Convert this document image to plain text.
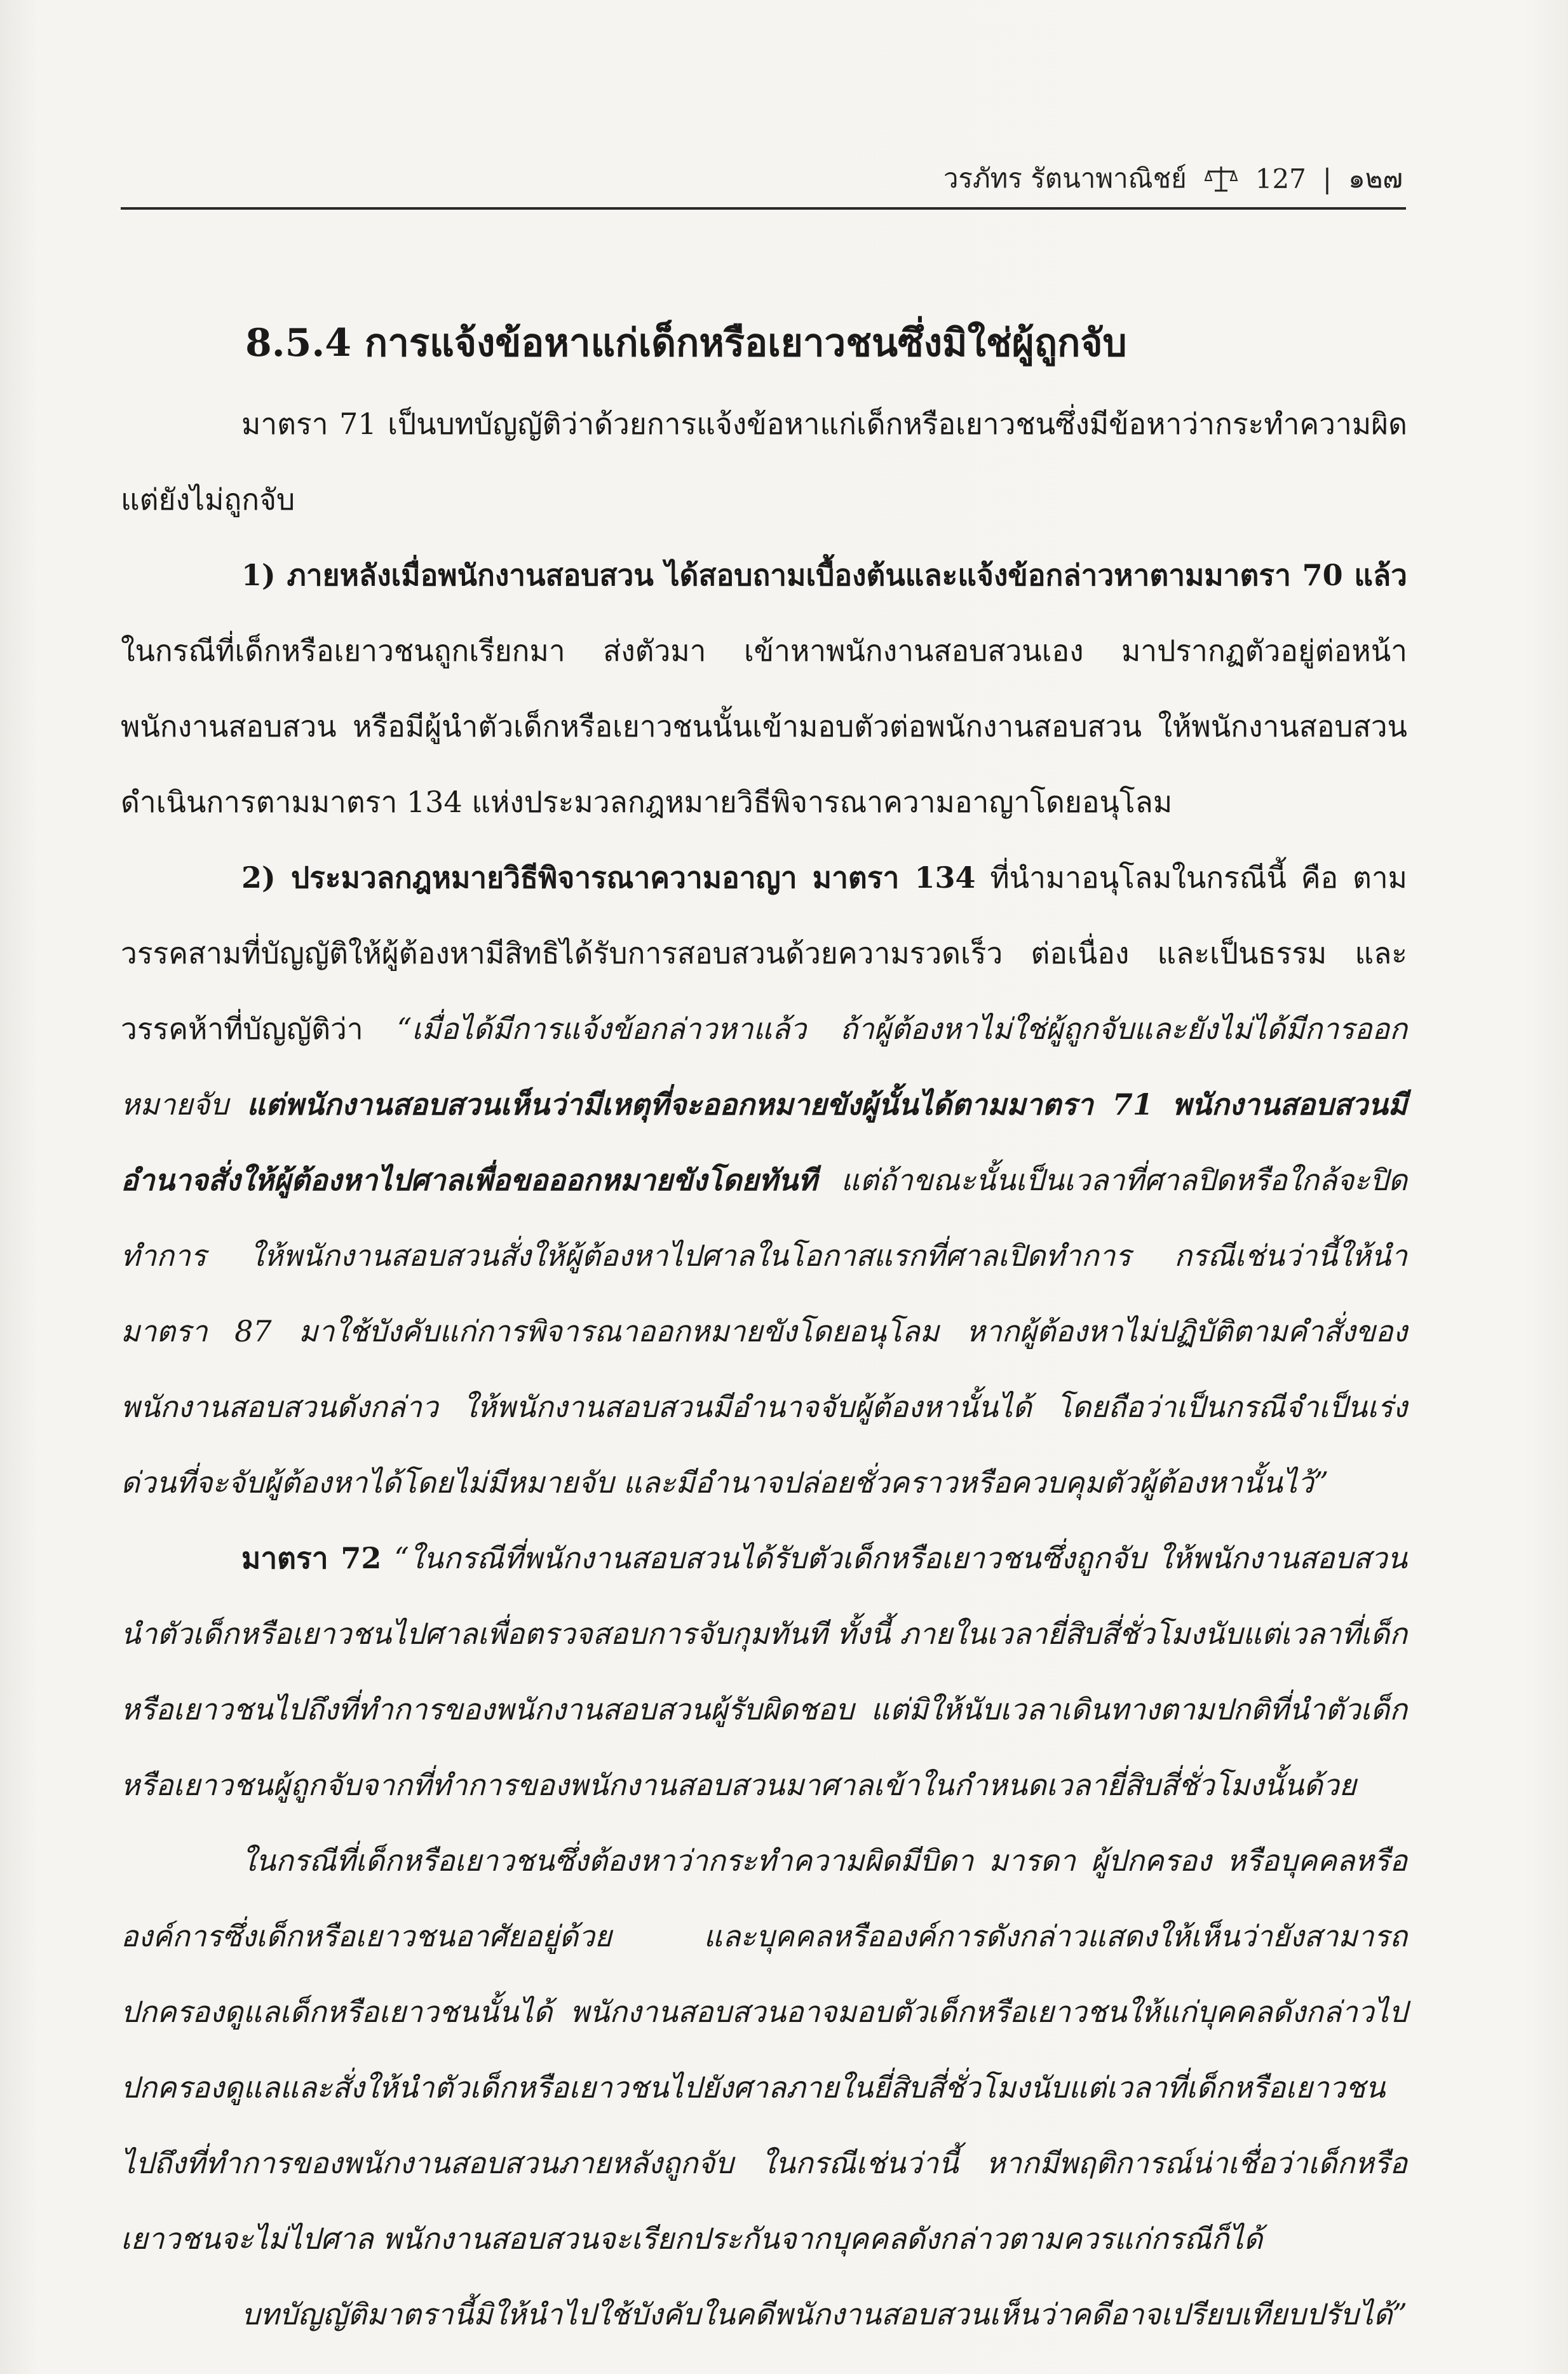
วรภัทร รัตนาพาณิชย์	127 | ๑๒๗
8.5.4 การแจ้งข้อหาแก่เด็กหรือเยาวชนซึ่งมิใช่ผู้ถูกจับ

มาตรา 71 เป็นบทบัญญัติว่าด้วยการแจ้งข้อหาแก่เด็กหรือเยาวชนซึ่งมีข้อหาว่ากระทำความผิดแต่ยังไม่ถูกจับ

1) ภายหลังเมื่อพนักงานสอบสวน ได้สอบถามเบื้องต้นและแจ้งข้อกล่าวหาตามมาตรา 70 แล้ว ในกรณีที่เด็กหรือเยาวชนถูกเรียกมา ส่งตัวมา เข้าหาพนักงานสอบสวนเอง มาปรากฏตัวอยู่ต่อหน้าพนักงานสอบสวน หรือมีผู้นำตัวเด็กหรือเยาวชนนั้นเข้ามอบตัวต่อพนักงานสอบสวน ให้พนักงานสอบสวนดำเนินการตามมาตรา 134 แห่งประมวลกฎหมายวิธีพิจารณาความอาญาโดยอนุโลม

2) ประมวลกฎหมายวิธีพิจารณาความอาญา มาตรา 134 ที่นำมาอนุโลมในกรณีนี้ คือ ตามวรรคสามที่บัญญัติให้ผู้ต้องหามีสิทธิได้รับการสอบสวนด้วยความรวดเร็ว ต่อเนื่อง และเป็นธรรม และวรรคห้าที่บัญญัติว่า “เมื่อได้มีการแจ้งข้อกล่าวหาแล้ว ถ้าผู้ต้องหาไม่ใช่ผู้ถูกจับและยังไม่ได้มีการออกหมายจับ แต่พนักงานสอบสวนเห็นว่ามีเหตุที่จะออกหมายขังผู้นั้นได้ตามมาตรา 71 พนักงานสอบสวนมีอำนาจสั่งให้ผู้ต้องหาไปศาลเพื่อขอออกหมายขังโดยทันที แต่ถ้าขณะนั้นเป็นเวลาที่ศาลปิดหรือใกล้จะปิดทำการ ให้พนักงานสอบสวนสั่งให้ผู้ต้องหาไปศาลในโอกาสแรกที่ศาลเปิดทำการ กรณีเช่นว่านี้ให้นำมาตรา 87 มาใช้บังคับแก่การพิจารณาออกหมายขังโดยอนุโลม หากผู้ต้องหาไม่ปฏิบัติตามคำสั่งของพนักงานสอบสวนดังกล่าว ให้พนักงานสอบสวนมีอำนาจจับผู้ต้องหานั้นได้ โดยถือว่าเป็นกรณีจำเป็นเร่งด่วนที่จะจับผู้ต้องหาได้โดยไม่มีหมายจับ และมีอำนาจปล่อยชั่วคราวหรือควบคุมตัวผู้ต้องหานั้นไว้”

มาตรา 72 “ในกรณีที่พนักงานสอบสวนได้รับตัวเด็กหรือเยาวชนซึ่งถูกจับ ให้พนักงานสอบสวนนำตัวเด็กหรือเยาวชนไปศาลเพื่อตรวจสอบการจับกุมทันที ทั้งนี้ ภายในเวลายี่สิบสี่ชั่วโมงนับแต่เวลาที่เด็กหรือเยาวชนไปถึงที่ทำการของพนักงานสอบสวนผู้รับผิดชอบ แต่มิให้นับเวลาเดินทางตามปกติที่นำตัวเด็กหรือเยาวชนผู้ถูกจับจากที่ทำการของพนักงานสอบสวนมาศาลเข้าในกำหนดเวลายี่สิบสี่ชั่วโมงนั้นด้วย

ในกรณีที่เด็กหรือเยาวชนซึ่งต้องหาว่ากระทำความผิดมีบิดา มารดา ผู้ปกครอง หรือบุคคลหรือองค์การซึ่งเด็กหรือเยาวชนอาศัยอยู่ด้วย และบุคคลหรือองค์การดังกล่าวแสดงให้เห็นว่ายังสามารถปกครองดูแลเด็กหรือเยาวชนนั้นได้ พนักงานสอบสวนอาจมอบตัวเด็กหรือเยาวชนให้แก่บุคคลดังกล่าวไปปกครองดูแลและสั่งให้นำตัวเด็กหรือเยาวชนไปยังศาลภายในยี่สิบสี่ชั่วโมงนับแต่เวลาที่เด็กหรือเยาวชนไปถึงที่ทำการของพนักงานสอบสวนภายหลังถูกจับ ในกรณีเช่นว่านี้ หากมีพฤติการณ์น่าเชื่อว่าเด็กหรือเยาวชนจะไม่ไปศาล พนักงานสอบสวนจะเรียกประกันจากบุคคลดังกล่าวตามควรแก่กรณีก็ได้

บทบัญญัติมาตรานี้มิให้นำไปใช้บังคับในคดีพนักงานสอบสวนเห็นว่าคดีอาจเปรียบเทียบปรับได้”
